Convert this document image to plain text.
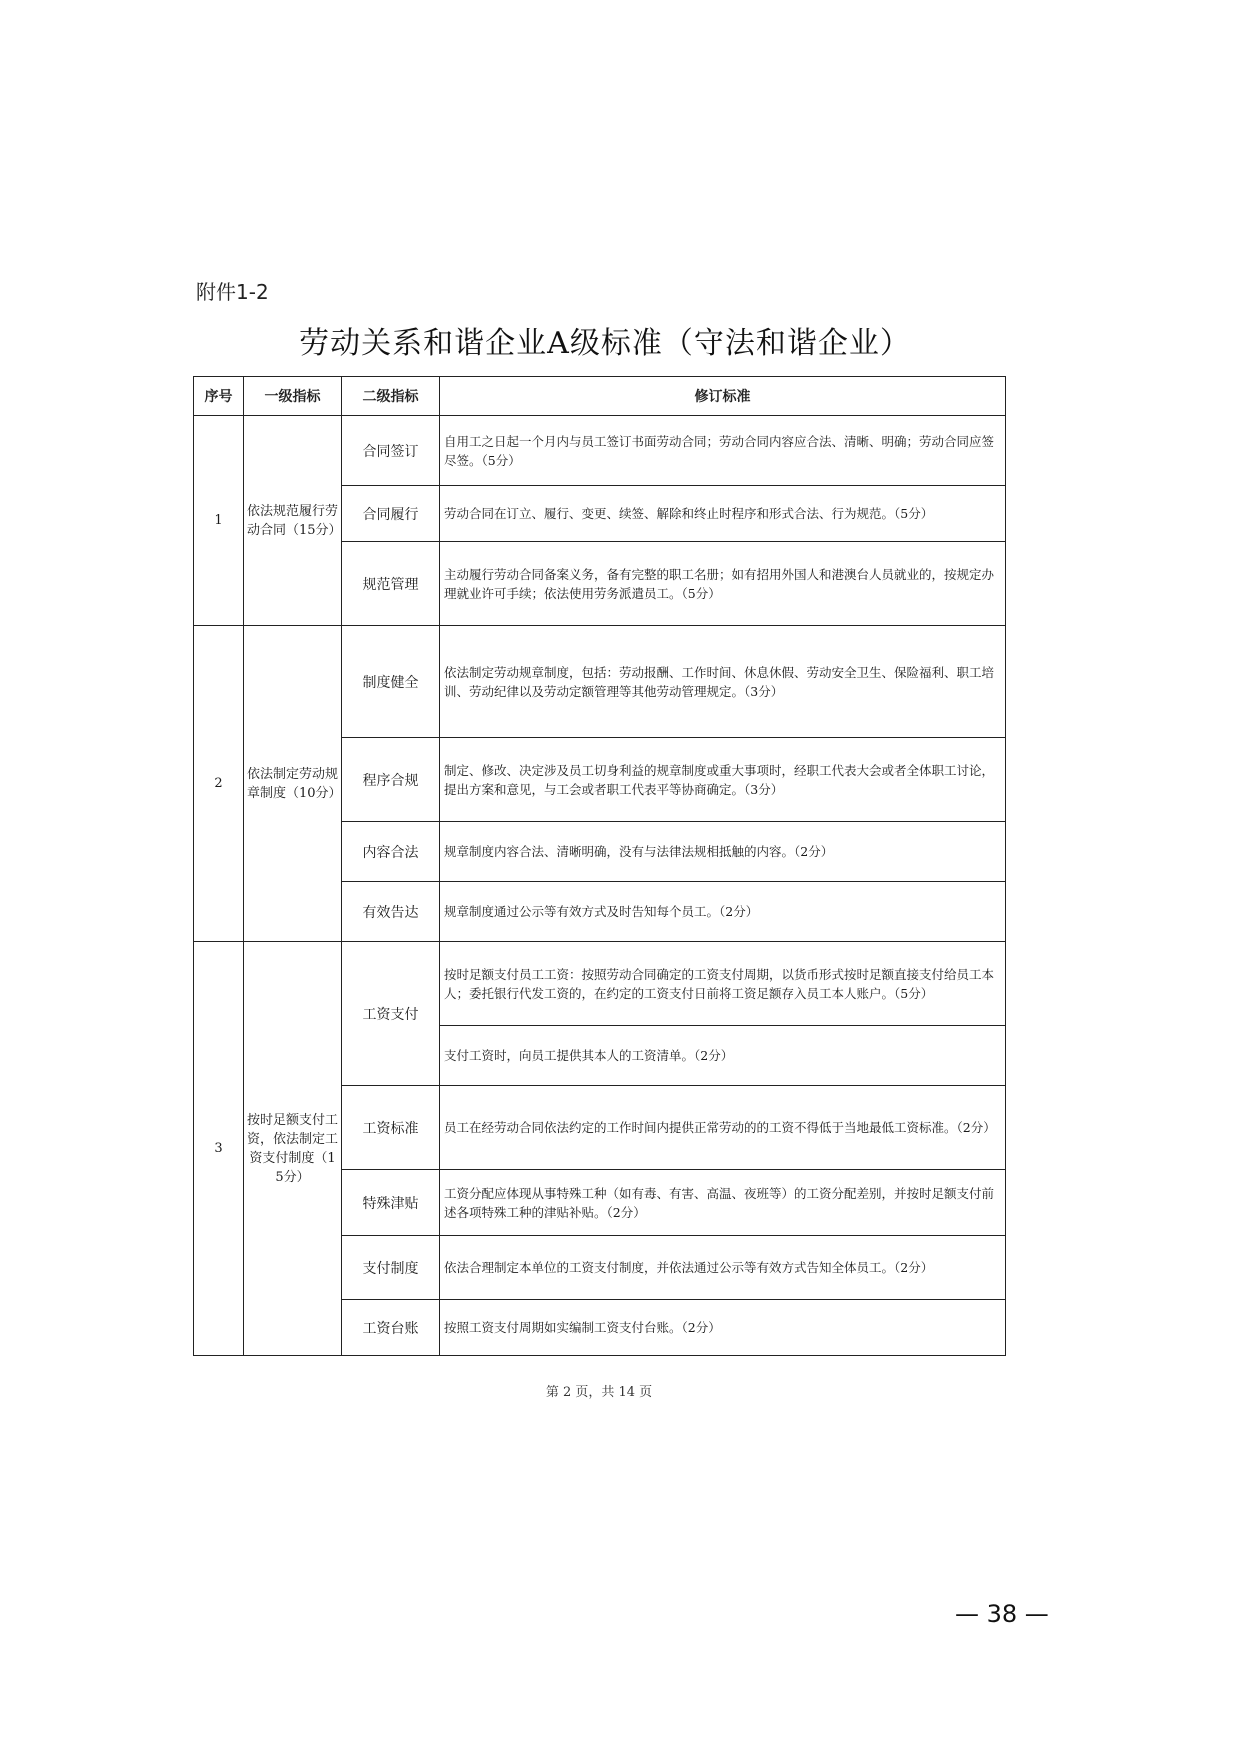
附件1-2
劳动关系和谐企业A级标准（守法和谐企业）
序号	一级指标	二级指标	修订标准
1	依法规范履行劳动合同（15分）	合同签订	自用工之日起一个月内与员工签订书面劳动合同；劳动合同内容应合法、清晰、明确；劳动合同应签尽签。（5分）
		合同履行	劳动合同在订立、履行、变更、续签、解除和终止时程序和形式合法、行为规范。（5分）
		规范管理	主动履行劳动合同备案义务，备有完整的职工名册；如有招用外国人和港澳台人员就业的，按规定办理就业许可手续；依法使用劳务派遣员工。（5分）
2	依法制定劳动规章制度（10分）	制度健全	依法制定劳动规章制度，包括：劳动报酬、工作时间、休息休假、劳动安全卫生、保险福利、职工培训、劳动纪律以及劳动定额管理等其他劳动管理规定。（3分）
		程序合规	制定、修改、决定涉及员工切身利益的规章制度或重大事项时，经职工代表大会或者全体职工讨论，提出方案和意见，与工会或者职工代表平等协商确定。（3分）
		内容合法	规章制度内容合法、清晰明确，没有与法律法规相抵触的内容。（2分）
		有效告达	规章制度通过公示等有效方式及时告知每个员工。（2分）
3	按时足额支付工资，依法制定工资支付制度（15分）	工资支付	按时足额支付员工工资：按照劳动合同确定的工资支付周期，以货币形式按时足额直接支付给员工本人；委托银行代发工资的，在约定的工资支付日前将工资足额存入员工本人账户。（5分）
			支付工资时，向员工提供其本人的工资清单。（2分）
		工资标准	员工在经劳动合同依法约定的工作时间内提供正常劳动的的工资不得低于当地最低工资标准。（2分）
		特殊津贴	工资分配应体现从事特殊工种（如有毒、有害、高温、夜班等）的工资分配差别，并按时足额支付前述各项特殊工种的津贴补贴。（2分）
		支付制度	依法合理制定本单位的工资支付制度，并依法通过公示等有效方式告知全体员工。（2分）
		工资台账	按照工资支付周期如实编制工资支付台账。（2分）
第 2 页，共 14 页
— 38 —
